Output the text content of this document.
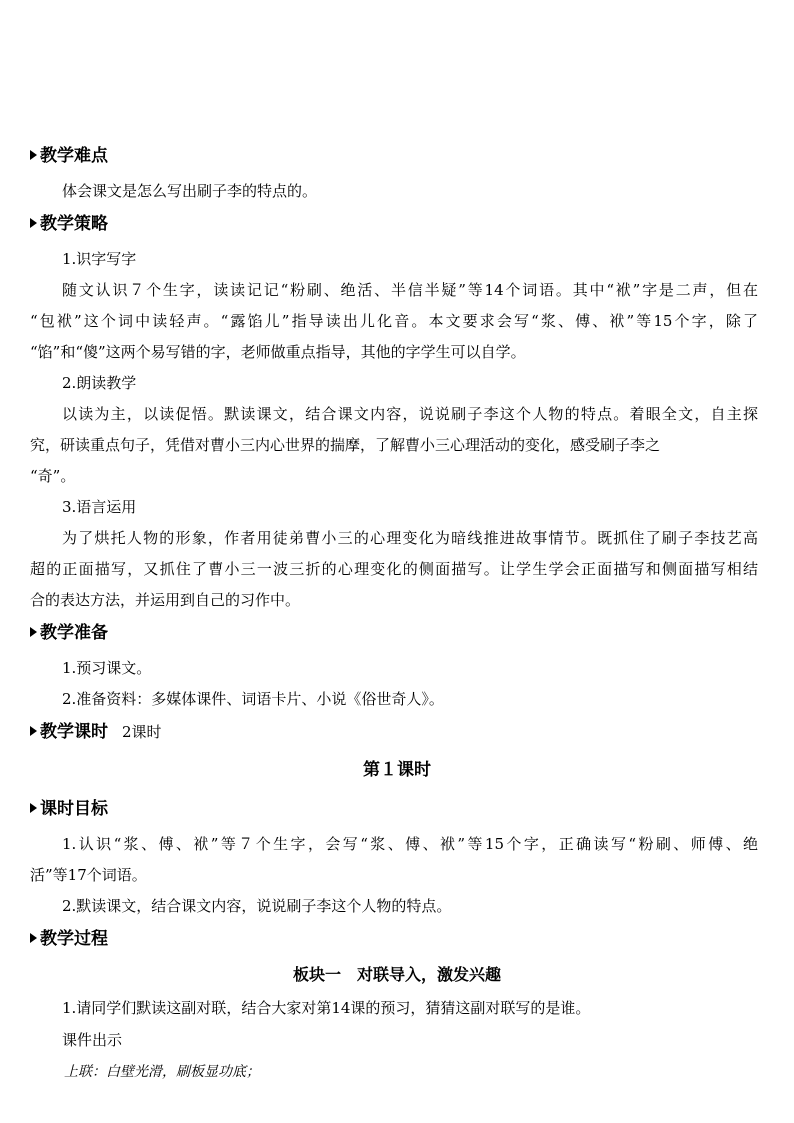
教学难点
体会课文是怎么写出刷子李的特点的。
教学策略
1.识字写字
随文认识７个生字，读读记记“粉刷、绝活、半信半疑”等14个词语。其中“袱”字是二声，但在
“包袱”这个词中读轻声。“露馅儿”指导读出儿化音。本文要求会写“浆、傅、袱”等15个字，除了
“馅”和“傻”这两个易写错的字，老师做重点指导，其他的字学生可以自学。
2.朗读教学
以读为主，以读促悟。默读课文，结合课文内容，说说刷子李这个人物的特点。着眼全文，自主探
究，研读重点句子，凭借对曹小三内心世界的揣摩，了解曹小三心理活动的变化，感受刷子李之
“奇”。
3.语言运用
为了烘托人物的形象，作者用徒弟曹小三的心理变化为暗线推进故事情节。既抓住了刷子李技艺高
超的正面描写，又抓住了曹小三一波三折的心理变化的侧面描写。让学生学会正面描写和侧面描写相结
合的表达方法，并运用到自己的习作中。
教学准备
1.预习课文。
2.准备资料：多媒体课件、词语卡片、小说《俗世奇人》。
教学课时 2课时
第１课时
课时目标
1.认识“浆、傅、袱”等７个生字，会写“浆、傅、袱”等15个字，正确读写“粉刷、师傅、绝
活”等17个词语。
2.默读课文，结合课文内容，说说刷子李这个人物的特点。
教学过程
板块一　对联导入，激发兴趣
1.请同学们默读这副对联，结合大家对第14课的预习，猜猜这副对联写的是谁。
课件出示
上联：白壁光滑，刷板显功底；
